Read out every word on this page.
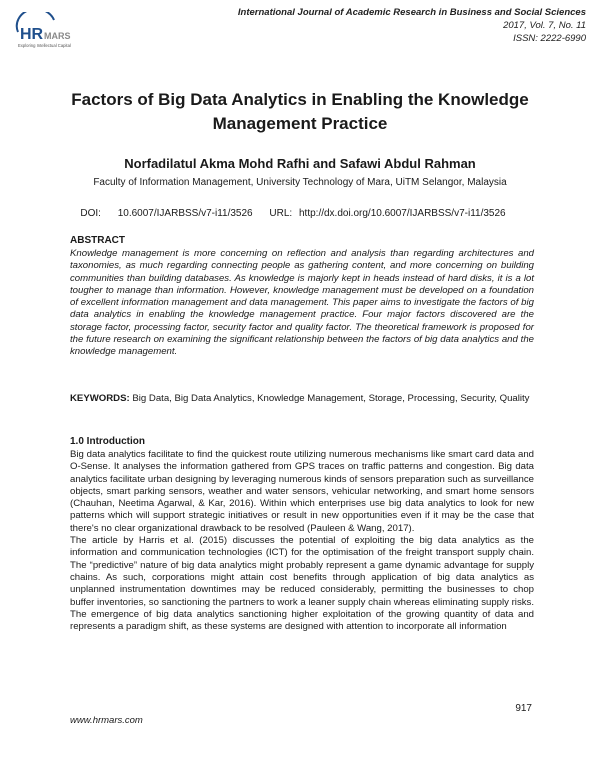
HR MARS
Exploring Intellectual Capital
International Journal of Academic Research in Business and Social Sciences
2017, Vol. 7, No. 11
ISSN: 2222-6990
Factors of Big Data Analytics in Enabling the Knowledge Management Practice
Norfadilatul Akma Mohd Rafhi and Safawi Abdul Rahman
Faculty of Information Management, University Technology of Mara, UiTM Selangor, Malaysia
DOI: 10.6007/IJARBSS/v7-i11/3526 URL: http://dx.doi.org/10.6007/IJARBSS/v7-i11/3526
ABSTRACT
Knowledge management is more concerning on reflection and analysis than regarding architectures and taxonomies, as much regarding connecting people as gathering content, and more concerning on building communities than building databases. As knowledge is majorly kept in heads instead of hard disks, it is a lot tougher to manage than information. However, knowledge management must be developed on a foundation of excellent information management and data management. This paper aims to investigate the factors of big data analytics in enabling the knowledge management practice. Four major factors discovered are the storage factor, processing factor, security factor and quality factor. The theoretical framework is proposed for the future research on examining the significant relationship between the factors of big data analytics and the knowledge management.
KEYWORDS: Big Data, Big Data Analytics, Knowledge Management, Storage, Processing, Security, Quality
1.0 Introduction

Big data analytics facilitate to find the quickest route utilizing numerous mechanisms like smart card data and O-Sense. It analyses the information gathered from GPS traces on traffic patterns and congestion. Big data analytics facilitate urban designing by leveraging numerous kinds of sensors preparation such as surveillance objects, smart parking sensors, weather and water sensors, vehicular networking, and smart home sensors (Chauhan, Neetima Agarwal, & Kar, 2016). Within which enterprises use big data analytics to look for new patterns which will support strategic initiatives or result in new opportunities even if it may be the case that there's no clear organizational drawback to be resolved (Pauleen & Wang, 2017).

The article by Harris et al. (2015) discusses the potential of exploiting the big data analytics as the information and communication technologies (ICT) for the optimisation of the freight transport supply chain. The “predictive” nature of big data analytics might probably represent a game dynamic advantage for supply chains. As such, corporations might attain cost benefits through application of big data analytics as unplanned instrumentation downtimes may be reduced considerably, permitting the businesses to chop buffer inventories, so sanctioning the partners to work a leaner supply chain whereas eliminating supply risks. The emergence of big data analytics sanctioning higher exploitation of the growing quantity of data and represents a paradigm shift, as these systems are designed with attention to incorporate all information

917
www.hrmars.com
